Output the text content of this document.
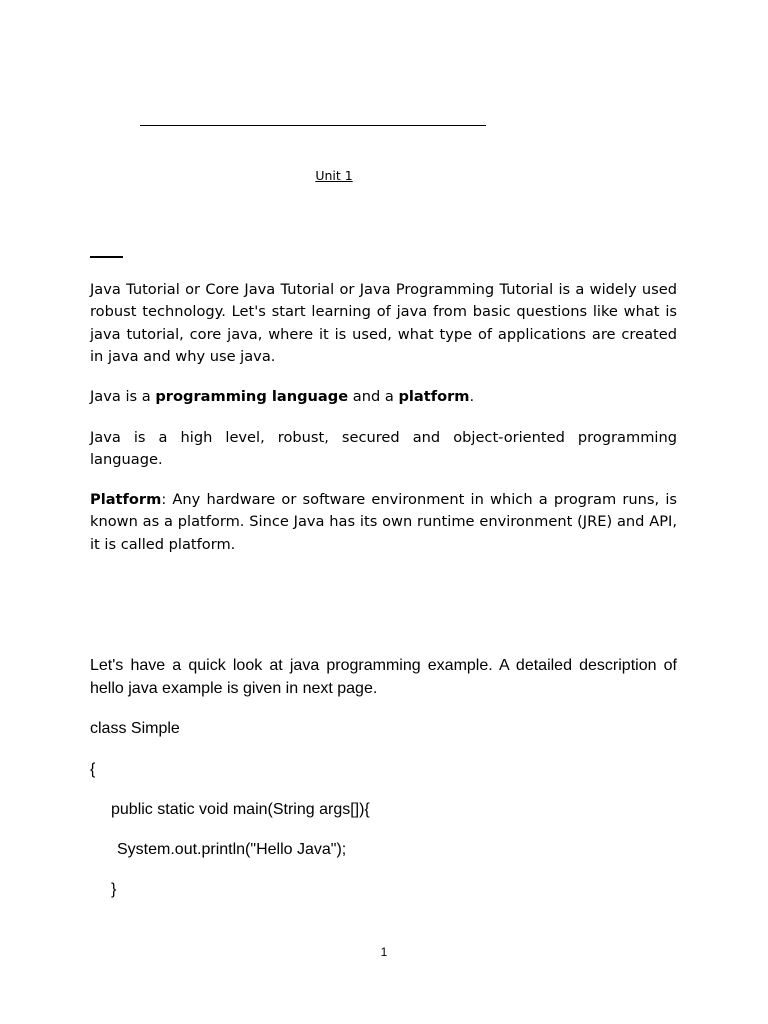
Unit 1

Java Tutorial or Core Java Tutorial or Java Programming Tutorial is a widely used robust technology. Let's start learning of java from basic questions like what is java tutorial, core java, where it is used, what type of applications are created in java and why use java.

Java is a programming language and a platform.

Java is a high level, robust, secured and object-oriented programming language.

Platform: Any hardware or software environment in which a program runs, is known as a platform. Since Java has its own runtime environment (JRE) and API, it is called platform.

Let's have a quick look at java programming example. A detailed description of hello java example is given in next page.

class Simple
{
public static void main(String args[]){
System.out.println("Hello Java");
}
1
